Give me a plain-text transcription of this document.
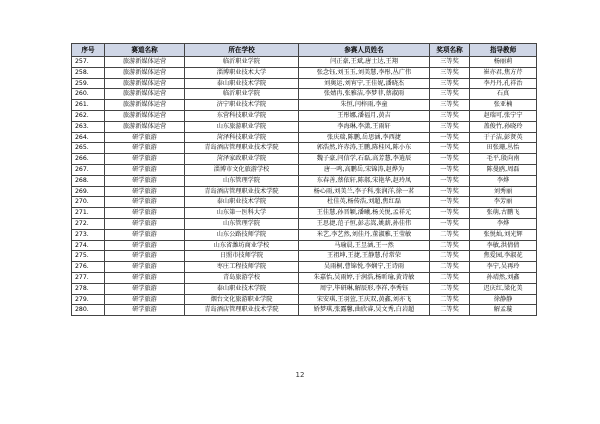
序号	赛道名称	所在学校	参赛人员姓名	奖项名称	指导教师
257.	旅游新媒体运营	临沂职业学院	闫正豪,王斌,唐士达,王翔	三等奖	杨丽莉
258.	旅游新媒体运营	淄博职业技术大学	张念钰,刘玉玉,刘美慧,李彤,丛广伟	三等奖	崔亦君,焦方芹
259.	旅游新媒体运营	泰山职业技术学院	刘奥运,刘宵宁,王佳妮,潘晓杰	三等奖	李丹丹,孔祥治
260.	旅游新媒体运营	临沂职业学院	张婧冉,张雅洁,李梦菲,蔡淑雨	三等奖	石真
261.	旅游新媒体运营	济宁职业技术学院	朱恒,闫梓雨,李童	三等奖	张亚楠
262.	旅游新媒体运营	东营科技职业学院	王彤娜,潘福月,黄吉	三等奖	赵瑞可,张宁宁
263.	旅游新媒体运营	山东旅游职业学院	李海琳,李潇,王雨轩	三等奖	盖俊竹,孙晓玲
264.	研学旅游	菏泽科技职业学院	张庆瑞,陈鹏,岳思涵,李西捷	一等奖	于子洁,彭贤英
265.	研学旅游	青岛酒店管理职业技术学院	郭浩然,许赤涛,王鹏,陈桂风,陈小东	一等奖	田张珊,丛怡
266.	研学旅游	菏泽家政职业学院	魏子豪,闫信学,石磊,高芳慧,李逍辰	一等奖	毛平,殷向南
267.	研学旅游	淄博市文化旅游学校	唐一鸣,高鹏岳,宋锦涛,赵烨为	一等奖	陈曼鸥,周磊
268.	研学旅游	山东管理学院	东春善,蔡依轩,陈郝,宋艳华,赵玲凤	一等奖	李烨
269.	研学旅游	青岛酒店管理职业技术学院	杨心雨,刘美兰,李子科,张润洋,徐一茗	一等奖	刘秀丽
270.	研学旅游	泰山职业技术学院	杜佳英,杨传浩,刘超,焦红磊	一等奖	李芳丽
271.	研学旅游	山东第一医科大学	王佳慧,孙晋颖,潘曦,杨关悦,孟祥元	一等奖	张萌,古鹏飞
272.	研学旅游	山东管理学院	王思捷,范子恒,彭志嵩,姚薪,孙佳伟	一等奖	李烨
273.	研学旅游	山东公路技师学院	米艺,李艺然,刘佳丹,董淑雅,王莹敏	二等奖	张悦灿,刘光辉
274.	研学旅游	山东省潍坊商业学校	马瑜晨,王昱涵,王一然	二等奖	李敏,洪倩倩
275.	研学旅游	日照市技师学院	王祖坤,王捷,王静慧,付常荣	二等奖	焦爱园,李淑花
276.	研学旅游	枣庄工程技师学院	吴雨桐,曹锦悦,李娴宁,王诗雨	二等奖	李宁,吴再玲
277.	研学旅游	青岛旅游学校	朱嘉怡,吴雨婷,于润浩,杨昕瑜,黄诗敏	二等奖	孙靖然,刘鑫
278.	研学旅游	泰山职业技术学院	周宁,毕研琳,解辰形,李祥,李秀钰	二等奖	迟庆红,梁化美
279.	研学旅游	烟台文化旅游职业学院	宋安琪,王羽萱,王庆双,黄鑫,刘亦飞	二等奖	徐静静
280.	研学旅游	青岛酒店管理职业技术学院	娇梦琪,张露馨,曲欣睿,吴文秀,白岩超	二等奖	解孟璇
12
